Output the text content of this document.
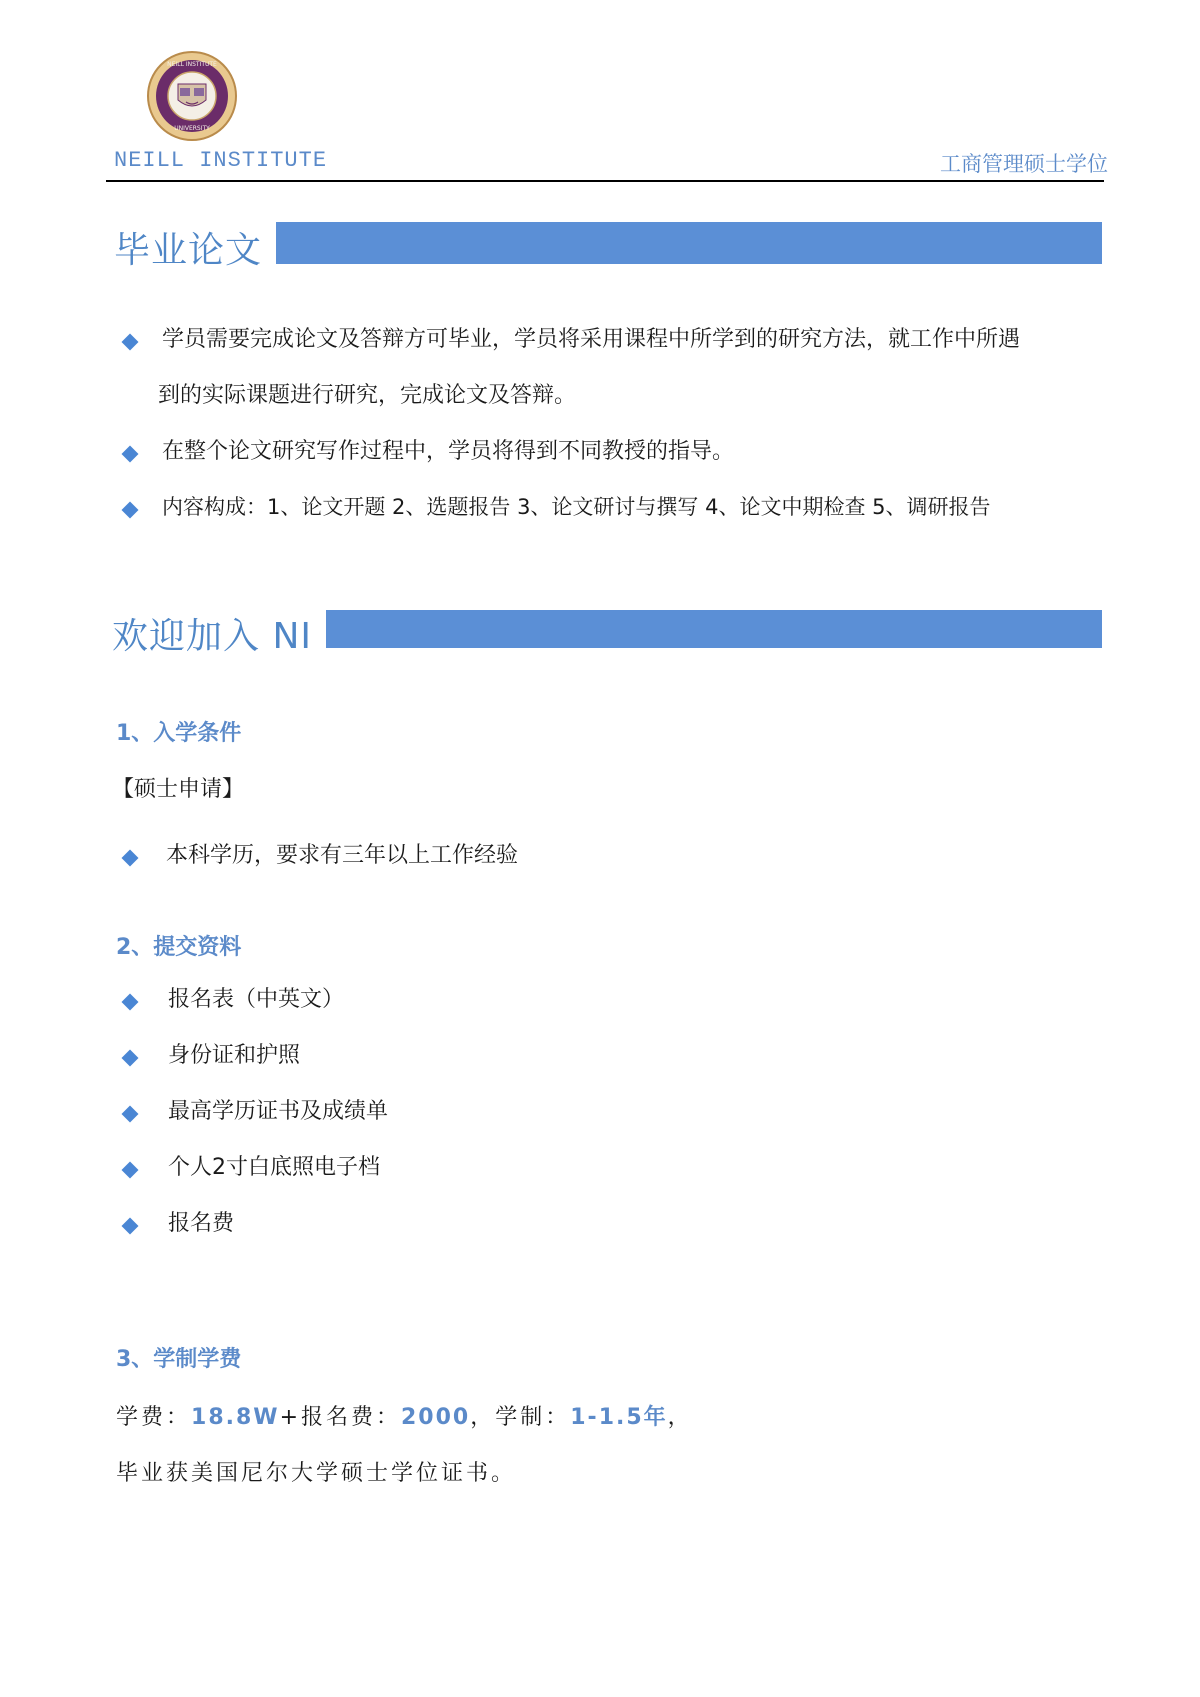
NEILL INSTITUTE
UNIVERSITY
NEILL INSTITUTE	工商管理硕士学位
毕业论文
学员需要完成论文及答辩方可毕业，学员将采用课程中所学到的研究方法，就工作中所遇
到的实际课题进行研究，完成论文及答辩。
在整个论文研究写作过程中，学员将得到不同教授的指导。
内容构成：1、论文开题 2、选题报告 3、论文研讨与撰写 4、论文中期检查 5、调研报告
欢迎加入 NI
1、入学条件
【硕士申请】
本科学历，要求有三年以上工作经验
2、提交资料
报名表（中英文）
身份证和护照
最高学历证书及成绩单
个人2寸白底照电子档
报名费
3、学制学费
学费：18.8W+报名费：2000，学制：1-1.5年，
毕业获美国尼尔大学硕士学位证书。
